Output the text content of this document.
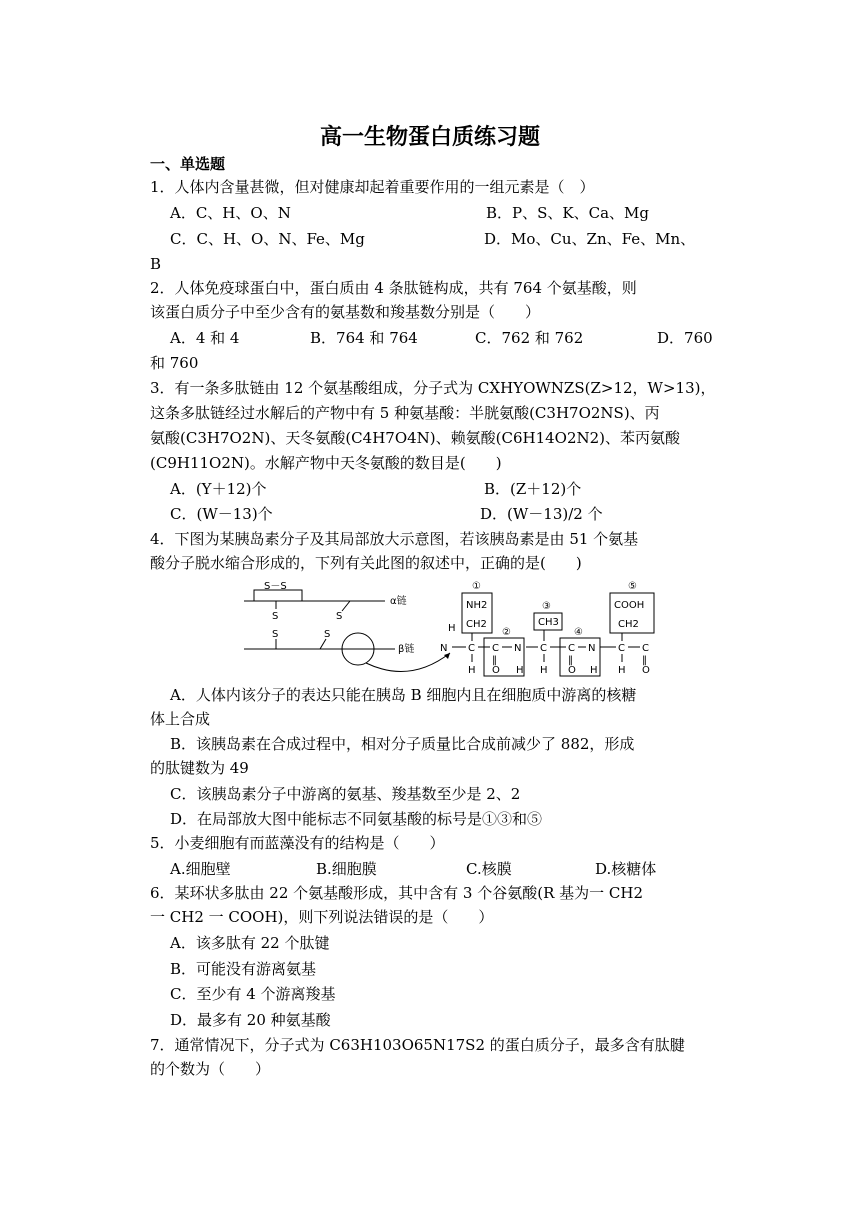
高一生物蛋白质练习题
一、单选题
1．人体内含量甚微，但对健康却起着重要作用的一组元素是（　）
A．C、H、O、N	B．P、S、K、Ca、Mg
C．C、H、O、N、Fe、Mg	D．Mo、Cu、Zn、Fe、Mn、
B
2．人体免疫球蛋白中，蛋白质由 4 条肽链构成，共有 764 个氨基酸，则
该蛋白质分子中至少含有的氨基数和羧基数分别是（　　）
A．4 和 4	B．764 和 764	C．762 和 762	D．760
和 760
3．有一条多肽链由 12 个氨基酸组成，分子式为 CXHYOWNZS(Z>12，W>13)，
这条多肽链经过水解后的产物中有 5 种氨基酸：半胱氨酸(C3H7O2NS)、丙
氨酸(C3H7O2N)、天冬氨酸(C4H7O4N)、赖氨酸(C6H14O2N2)、苯丙氨酸
(C9H11O2N)。水解产物中天冬氨酸的数目是(　　)
A．(Y＋12)个	B．(Z＋12)个
C．(W－13)个	D．(W－13)/2 个
4．下图为某胰岛素分子及其局部放大示意图，若该胰岛素是由 51 个氨基
酸分子脱水缩合形成的，下列有关此图的叙述中，正确的是(　　)
S－S
S
S
S
S
α链
β链
①
NH2
CH2
②
③
CH3
④
⑤
COOH
CH2
H
N C C N C C N C C
H
‖
O H H
‖
O H H
‖
O
A．人体内该分子的表达只能在胰岛 B 细胞内且在细胞质中游离的核糖
体上合成
B．该胰岛素在合成过程中，相对分子质量比合成前减少了 882，形成
的肽键数为 49
C．该胰岛素分子中游离的氨基、羧基数至少是 2、2
D．在局部放大图中能标志不同氨基酸的标号是①③和⑤
5．小麦细胞有而蓝藻没有的结构是（　　）
A.细胞壁	B.细胞膜	C.核膜	D.核糖体
6．某环状多肽由 22 个氨基酸形成，其中含有 3 个谷氨酸(R 基为一 CH2
一 CH2 一 COOH)，则下列说法错误的是（　　）
A．该多肽有 22 个肽键
B．可能没有游离氨基
C．至少有 4 个游离羧基
D．最多有 20 种氨基酸
7．通常情况下，分子式为 C63H103O65N17S2 的蛋白质分子，最多含有肽腱
的个数为（　　）
